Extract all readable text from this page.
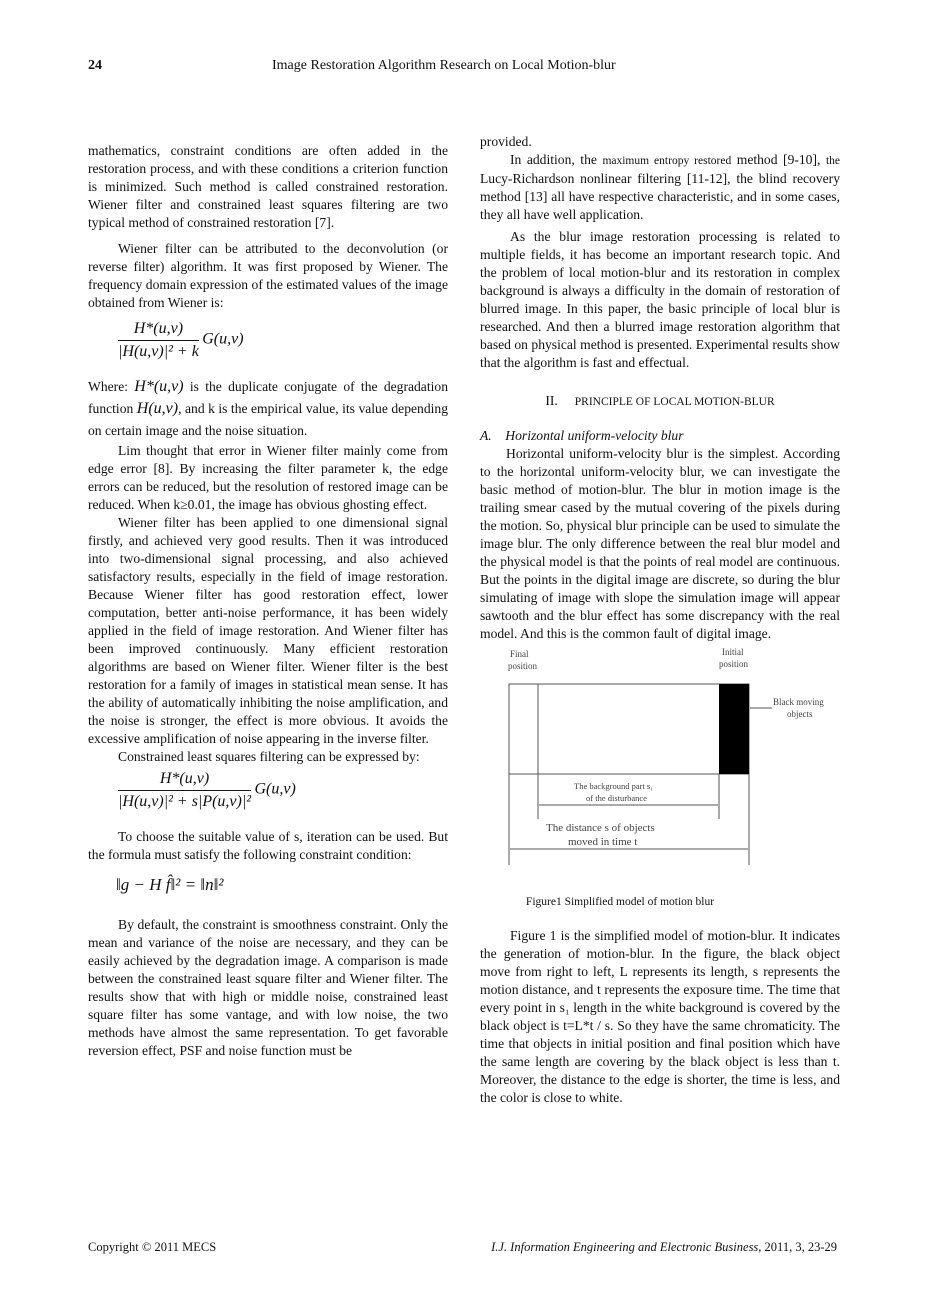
24	Image Restoration Algorithm Research on Local Motion-blur

mathematics, constraint conditions are often added in the restoration process, and with these conditions a criterion function is minimized. Such method is called constrained restoration. Wiener filter and constrained least squares filtering are two typical method of constrained restoration [7].

Wiener filter can be attributed to the deconvolution (or reverse filter) algorithm. It was first proposed by Wiener. The frequency domain expression of the estimated values of the image obtained from Wiener is:

$\frac{H*(u,v)}{\text{|H(u,v)|² + k}} G(u,v)$

Where: H*(u,v) is the duplicate conjugate of the degradation function H(u,v), and k is the empirical value, its value depending on certain image and the noise situation.

Lim thought that error in Wiener filter mainly come from edge error [8]. By increasing the filter parameter k, the edge errors can be reduced, but the resolution of restored image can be reduced. When k≥0.01, the image has obvious ghosting effect.

Wiener filter has been applied to one dimensional signal firstly, and achieved very good results. Then it was introduced into two-dimensional signal processing, and also achieved satisfactory results, especially in the field of image restoration. Because Wiener filter has good restoration effect, lower computation, better anti-noise performance, it has been widely applied in the field of image restoration. And Wiener filter has been improved continuously. Many efficient restoration algorithms are based on Wiener filter. Wiener filter is the best restoration for a family of images in statistical mean sense. It has the ability of automatically inhibiting the noise amplification, and the noise is stronger, the effect is more obvious. It avoids the excessive amplification of noise appearing in the inverse filter.

Constrained least squares filtering can be expressed by:

$\frac{H*(u,v)}{\text{|H(u,v)|² + s|P(u,v)|²}} G(u,v)$

To choose the suitable value of s, iteration can be used. But the formula must satisfy the following constraint condition:

‖g − H f̂‖² = ‖n‖²

By default, the constraint is smoothness constraint. Only the mean and variance of the noise are necessary, and they can be easily achieved by the degradation image. A comparison is made between the constrained least square filter and Wiener filter. The results show that with high or middle noise, constrained least square filter has some vantage, and with low noise, the two methods have almost the same representation. To get favorable reversion effect, PSF and noise function must be

provided.

In addition, the maximum entropy restored method [9-10], the Lucy-Richardson nonlinear filtering [11-12], the blind recovery method [13] all have respective characteristic, and in some cases, they all have well application.

As the blur image restoration processing is related to multiple fields, it has become an important research topic. And the problem of local motion-blur and its restoration in complex background is always a difficulty in the domain of restoration of blurred image. In this paper, the basic principle of local blur is researched. And then a blurred image restoration algorithm that based on physical method is presented. Experimental results show that the algorithm is fast and effectual.

II. PRINCIPLE OF LOCAL MOTION-BLUR

A. Horizontal uniform-velocity blur

Horizontal uniform-velocity blur is the simplest. According to the horizontal uniform-velocity blur, we can investigate the basic method of motion-blur. The blur in motion image is the trailing smear cased by the mutual covering of the pixels during the motion. So, physical blur principle can be used to simulate the image blur. The only difference between the real blur model and the physical model is that the points of real model are continuous. But the points in the digital image are discrete, so during the blur simulating of image with slope the simulation image will appear sawtooth and the blur effect has some discrepancy with the real model. And this is the common fault of digital image.

Final
position
Initial
position
Black moving
objects
The background part s₁
of the disturbance
The distance s of objects
moved in time t

Figure1 Simplified model of motion blur

Figure 1 is the simplified model of motion-blur. It indicates the generation of motion-blur. In the figure, the black object move from right to left, L represents its length, s represents the motion distance, and t represents the exposure time. The time that every point in s₁ length in the white background is covered by the black object is t=L*t / s. So they have the same chromaticity. The time that objects in initial position and final position which have the same length are covering by the black object is less than t. Moreover, the distance to the edge is shorter, the time is less, and the color is close to white.

Copyright © 2011 MECS	I.J. Information Engineering and Electronic Business, 2011, 3, 23-29
